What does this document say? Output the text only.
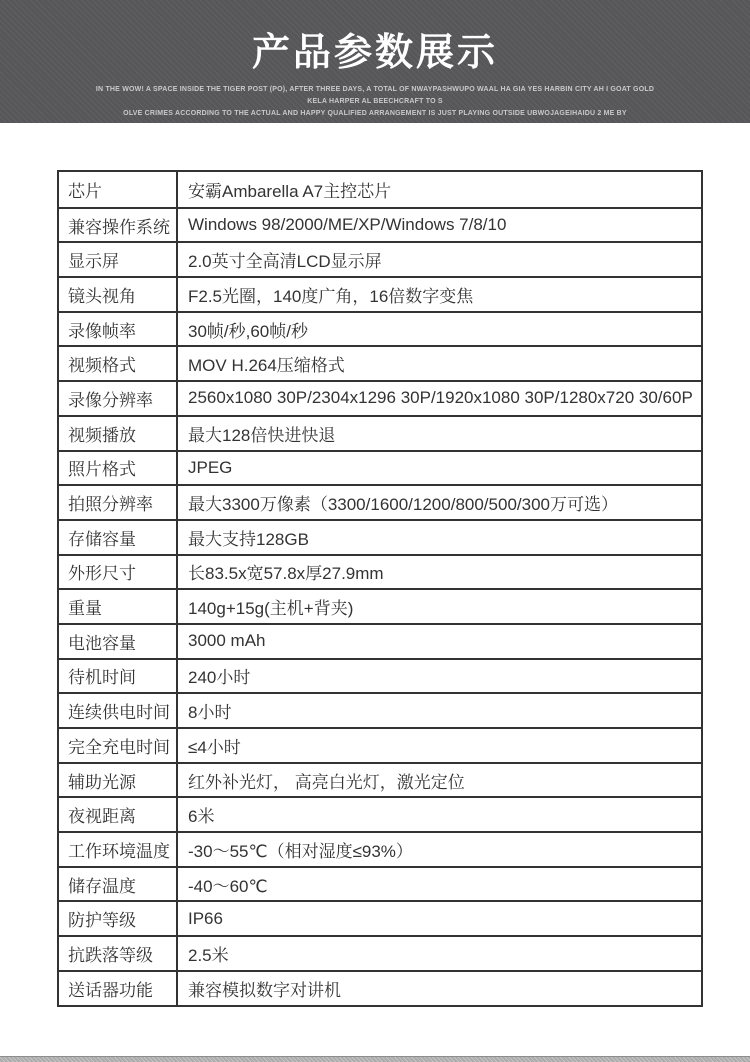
产品参数展示
IN THE WOW! A SPACE INSIDE THE TIGER POST (PO), AFTER THREE DAYS, A TOTAL OF NWAYPASHWUPO WAAL HA GIA YES HARBIN CITY AH I GOAT GOLD KELA HARPER AL BEECHCRAFT TO S
OLVE CRIMES ACCORDING TO THE ACTUAL AND HAPPY QUALIFIED ARRANGEMENT IS JUST PLAYING OUTSIDE UBWOJAGEIHAIDU 2 ME BY
芯片	安霸Ambarella A7主控芯片
兼容操作系统	Windows 98/2000/ME/XP/Windows 7/8/10
显示屏	2.0英寸全高清LCD显示屏
镜头视角	F2.5光圈，140度广角，16倍数字变焦
录像帧率	30帧/秒,60帧/秒
视频格式	MOV H.264压缩格式
录像分辨率	2560x1080 30P/2304x1296 30P/1920x1080 30P/1280x720 30/60P
视频播放	最大128倍快进快退
照片格式	JPEG
拍照分辨率	最大3300万像素（3300/1600/1200/800/500/300万可选）
存储容量	最大支持128GB
外形尺寸	长83.5x宽57.8x厚27.9mm
重量	140g+15g(主机+背夹)
电池容量	3000 mAh
待机时间	240小时
连续供电时间	8小时
完全充电时间	≤4小时
辅助光源	红外补光灯， 高亮白光灯，激光定位
夜视距离	6米
工作环境温度	-30～55℃（相对湿度≤93%）
储存温度	-40～60℃
防护等级	IP66
抗跌落等级	2.5米
送话器功能	兼容模拟数字对讲机
